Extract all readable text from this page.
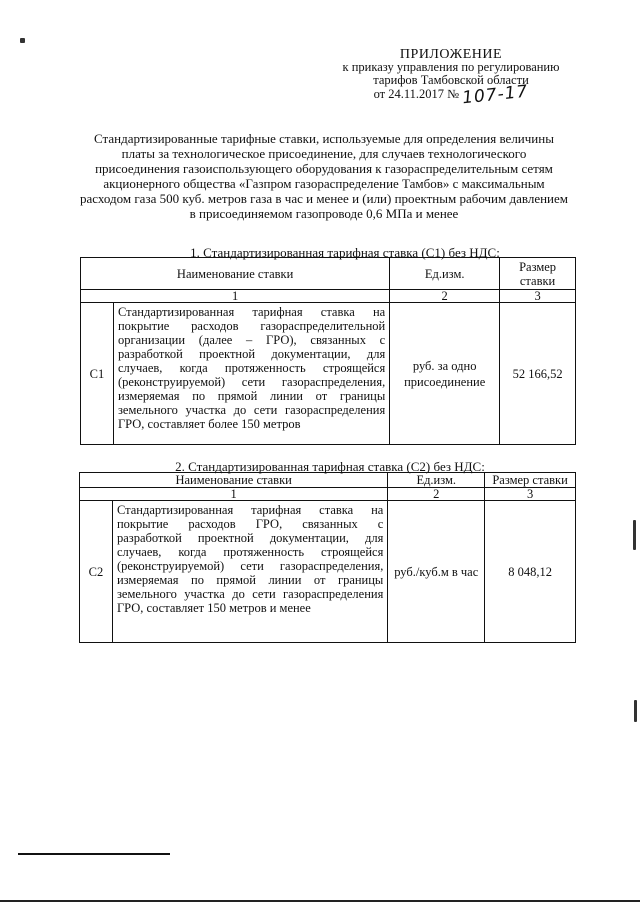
ПРИЛОЖЕНИЕ
к приказу управления по регулированию
тарифов Тамбовской области
от 24.11.2017 № 107-17
Стандартизированные тарифные ставки, используемые для определения величины платы за технологическое присоединение, для случаев технологического присоединения газоиспользующего оборудования к газораспределительным сетям акционерного общества «Газпром газораспределение Тамбов» с максимальным расходом газа 500 куб. метров газа в час и менее и (или) проектным рабочим давлением в присоединяемом газопроводе 0,6 МПа и менее
1. Стандартизированная тарифная ставка (С1) без НДС:
Наименование ставки		Ед.изм.	Размер ставки
1		2	3
С1	Стандартизированная тарифная ставка на покрытие расходов газораспределительной организации (далее – ГРО), связанных с разработкой проектной документации, для случаев, когда протяженность строящейся (реконструируемой) сети газораспределения, измеряемая по прямой линии от границы земельного участка до сети газораспределения ГРО, составляет более 150 метров	руб. за одно присоединение	52 166,52
2. Стандартизированная тарифная ставка (С2) без НДС:
Наименование ставки		Ед.изм.	Размер ставки
1		2	3
С2	Стандартизированная тарифная ставка на покрытие расходов ГРО, связанных с разработкой проектной документации, для случаев, когда протяженность строящейся (реконструируемой) сети газораспределения, измеряемая по прямой линии от границы земельного участка до сети газораспределения ГРО, составляет 150 метров и менее	руб./куб.м в час	8 048,12
